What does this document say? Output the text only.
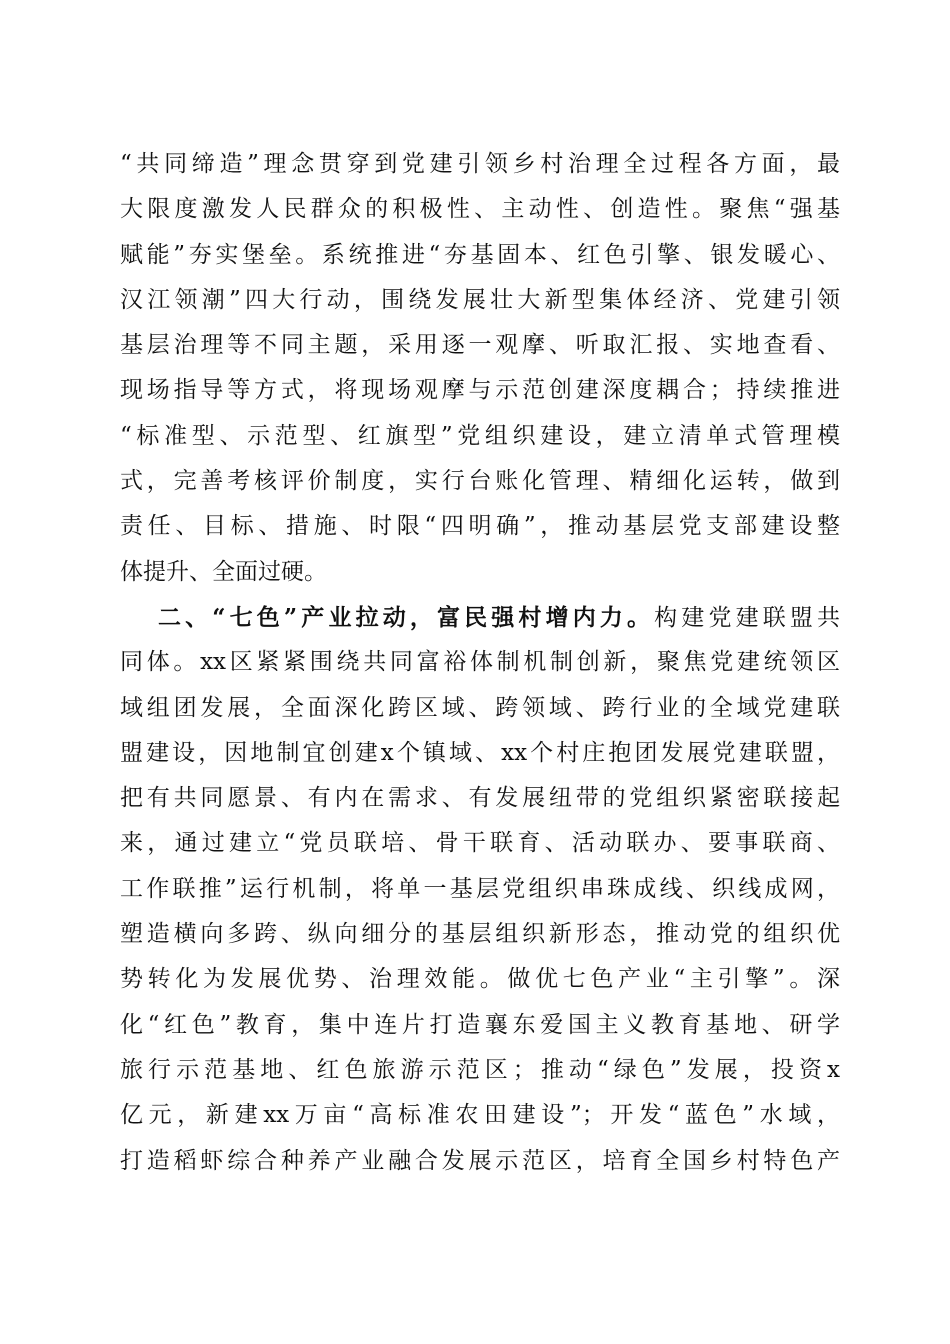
“共同缔造”理念贯穿到党建引领乡村治理全过程各方面，最
大限度激发人民群众的积极性、主动性、创造性。聚焦“强基
赋能”夯实堡垒。系统推进“夯基固本、红色引擎、银发暖心、
汉江领潮”四大行动，围绕发展壮大新型集体经济、党建引领
基层治理等不同主题，采用逐一观摩、听取汇报、实地查看、
现场指导等方式，将现场观摩与示范创建深度耦合；持续推进
“标准型、示范型、红旗型”党组织建设，建立清单式管理模
式，完善考核评价制度，实行台账化管理、精细化运转，做到
责任、目标、措施、时限“四明确”，推动基层党支部建设整
体提升、全面过硬。
二、“七色”产业拉动，富民强村增内力。构建党建联盟共
同体。xx区紧紧围绕共同富裕体制机制创新，聚焦党建统领区
域组团发展，全面深化跨区域、跨领域、跨行业的全域党建联
盟建设，因地制宜创建x个镇域、xx个村庄抱团发展党建联盟，
把有共同愿景、有内在需求、有发展纽带的党组织紧密联接起
来，通过建立“党员联培、骨干联育、活动联办、要事联商、
工作联推”运行机制，将单一基层党组织串珠成线、织线成网，
塑造横向多跨、纵向细分的基层组织新形态，推动党的组织优
势转化为发展优势、治理效能。做优七色产业“主引擎”。深
化“红色”教育，集中连片打造襄东爱国主义教育基地、研学
旅行示范基地、红色旅游示范区；推动“绿色”发展，投资x
亿元，新建xx万亩“高标准农田建设”；开发“蓝色”水域，
打造稻虾综合种养产业融合发展示范区，培育全国乡村特色产
